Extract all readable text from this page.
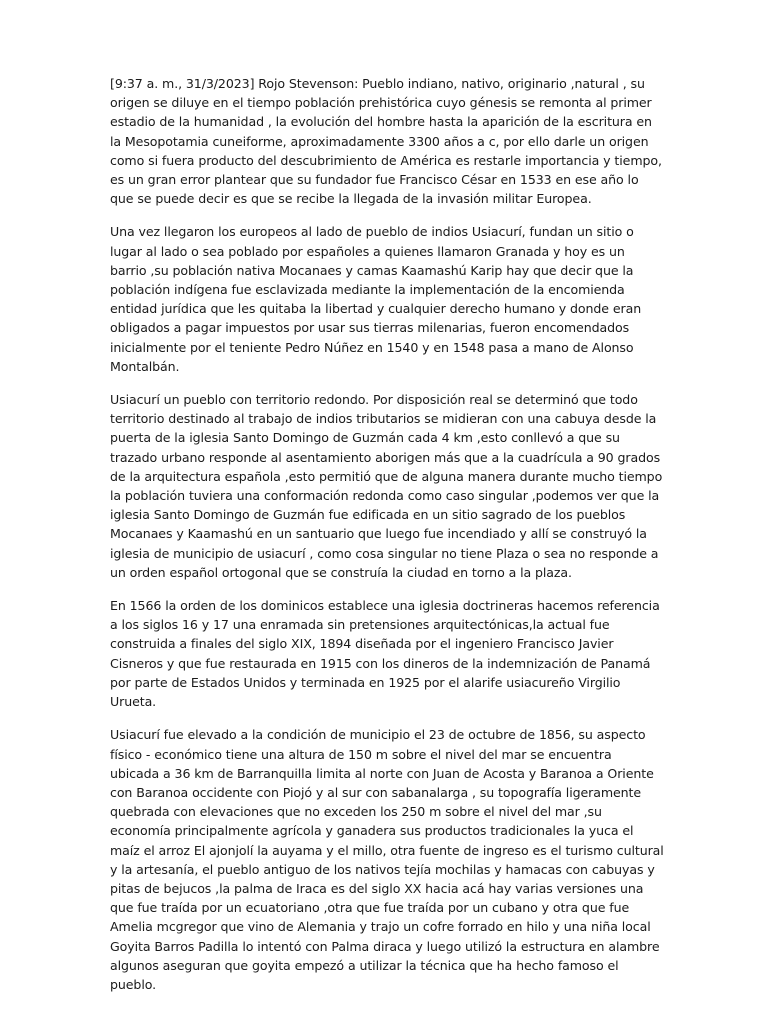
[9:37 a. m., 31/3/2023] Rojo Stevenson: Pueblo indiano, nativo, originario ,natural , su origen se diluye en el tiempo población prehistórica cuyo génesis se remonta al primer estadio de la humanidad , la evolución del hombre hasta la aparición de la escritura en la Mesopotamia cuneiforme, aproximadamente 3300 años a c, por ello darle un origen como si fuera producto del descubrimiento de América es restarle importancia y tiempo, es un gran error plantear que su fundador fue Francisco César en 1533 en ese año lo que se puede decir es que se recibe la llegada de la invasión militar Europea.

Una vez llegaron los europeos al lado de pueblo de indios Usiacurí, fundan un sitio o lugar al lado o sea poblado por españoles a quienes llamaron Granada y hoy es un barrio ,su población nativa Mocanaes y camas Kaamashú Karip hay que decir que la población indígena fue esclavizada mediante la implementación de la encomienda entidad jurídica que les quitaba la libertad y cualquier derecho humano y donde eran obligados a pagar impuestos por usar sus tierras milenarias, fueron encomendados inicialmente por el teniente Pedro Núñez en 1540 y en 1548 pasa a mano de Alonso Montalbán.

Usiacurí un pueblo con territorio redondo. Por disposición real se determinó que todo territorio destinado al trabajo de indios tributarios se midieran con una cabuya desde la puerta de la iglesia Santo Domingo de Guzmán cada 4 km ,esto conllevó a que su trazado urbano responde al asentamiento aborigen más que a la cuadrícula a 90 grados de la arquitectura española ,esto permitió que de alguna manera durante mucho tiempo la población tuviera una conformación redonda como caso singular ,podemos ver que la iglesia Santo Domingo de Guzmán fue edificada en un sitio sagrado de los pueblos Mocanaes y Kaamashú en un santuario que luego fue incendiado y allí se construyó la iglesia de municipio de usiacurí , como cosa singular no tiene Plaza o sea no responde a un orden español ortogonal que se construía la ciudad en torno a la plaza.

En 1566 la orden de los dominicos establece una iglesia doctrineras hacemos referencia a los siglos 16 y 17 una enramada sin pretensiones arquitectónicas,la actual fue construida a finales del siglo XIX, 1894 diseñada por el ingeniero Francisco Javier Cisneros y que fue restaurada en 1915 con los dineros de la indemnización de Panamá por parte de Estados Unidos y terminada en 1925 por el alarife usiacureño Virgilio Urueta.

Usiacurí fue elevado a la condición de municipio el 23 de octubre de 1856, su aspecto físico - económico tiene una altura de 150 m sobre el nivel del mar se encuentra ubicada a 36 km de Barranquilla limita al norte con Juan de Acosta y Baranoa a Oriente con Baranoa occidente con Piojó y al sur con sabanalarga , su topografía ligeramente quebrada con elevaciones que no exceden los 250 m sobre el nivel del mar ,su economía principalmente agrícola y ganadera sus productos tradicionales la yuca el maíz el arroz El ajonjolí la auyama y el millo, otra fuente de ingreso es el turismo cultural y la artesanía, el pueblo antiguo de los nativos tejía mochilas y hamacas con cabuyas y pitas de bejucos ,la palma de Iraca es del siglo XX hacia acá hay varias versiones una que fue traída por un ecuatoriano ,otra que fue traída por un cubano y otra que fue Amelia mcgregor que vino de Alemania y trajo un cofre forrado en hilo y una niña local Goyita Barros Padilla lo intentó con Palma diraca y luego utilizó la estructura en alambre algunos aseguran que goyita empezó a utilizar la técnica que ha hecho famoso el pueblo.
